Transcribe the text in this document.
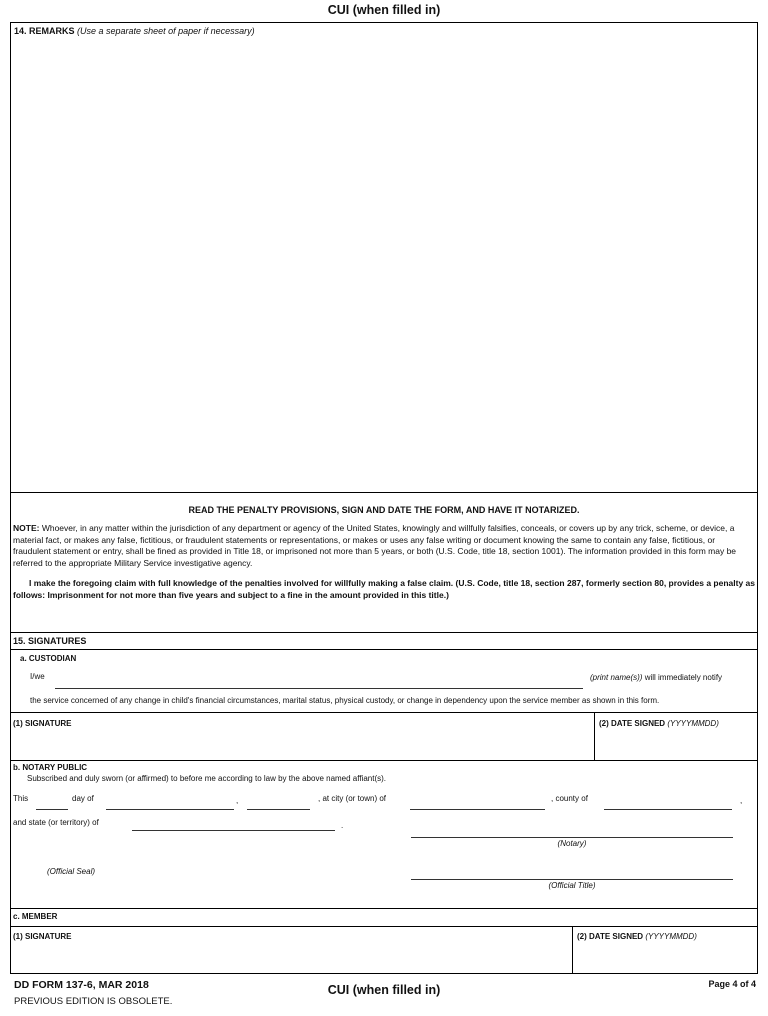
CUI (when filled in)
14. REMARKS (Use a separate sheet of paper if necessary)
READ THE PENALTY PROVISIONS, SIGN AND DATE THE FORM, AND HAVE IT NOTARIZED.
NOTE: Whoever, in any matter within the jurisdiction of any department or agency of the United States, knowingly and willfully falsifies, conceals, or covers up by any trick, scheme, or device, a material fact, or makes any false, fictitious, or fraudulent statements or representations, or makes or uses any false writing or document knowing the same to contain any false, fictitious, or fraudulent statement or entry, shall be fined as provided in Title 18, or imprisoned not more than 5 years, or both (U.S. Code, title 18, section 1001). The information provided in this form may be referred to the appropriate Military Service investigative agency.
I make the foregoing claim with full knowledge of the penalties involved for willfully making a false claim. (U.S. Code, title 18, section 287, formerly section 80, provides a penalty as follows: Imprisonment for not more than five years and subject to a fine in the amount provided in this title.)
15. SIGNATURES
a. CUSTODIAN
I/we	(print name(s)) will immediately notify
the service concerned of any change in child's financial circumstances, marital status, physical custody, or change in dependency upon the service member as shown in this form.
(1) SIGNATURE	(2) DATE SIGNED (YYYYMMDD)
b. NOTARY PUBLIC
Subscribed and duly sworn (or affirmed) to before me according to law by the above named affiant(s).
This	day of	,	, at city (or town) of	, county of	,
and state (or territory) of	.
(Notary)
(Official Seal)
(Official Title)
c. MEMBER
(1) SIGNATURE	(2) DATE SIGNED (YYYYMMDD)
DD FORM 137-6, MAR 2018
PREVIOUS EDITION IS OBSOLETE.
CUI (when filled in)	Page 4 of 4
